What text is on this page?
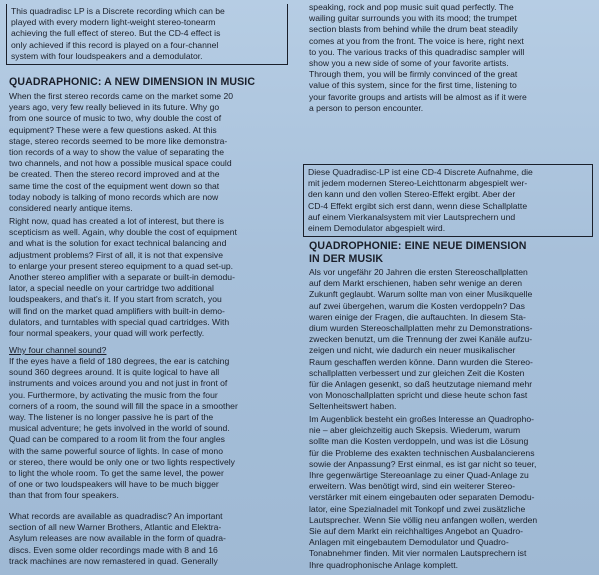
This quadradisc LP is a Discrete recording which can be
played with every modern light-weight stereo-tonearm
achieving the full effect of stereo. But the CD-4 effect is
only achieved if this record is played on a four-channel
system with four loudspeakers and a demodulator.
QUADRAPHONIC: A NEW DIMENSION IN MUSIC

When the first stereo records came on the market some 20
years ago, very few really believed in its future. Why go
from one source of music to two, why double the cost of
equipment? These were a few questions asked. At this
stage, stereo records seemed to be more like demonstra-
tion records of a way to show the value of separating the
two channels, and not how a possible musical space could
be created. Then the stereo record improved and at the
same time the cost of the equipment went down so that
today nobody is talking of mono records which are now
considered nearly antique items.

Right now, quad has created a lot of interest, but there is
scepticism as well. Again, why double the cost of equipment
and what is the solution for exact technical balancing and
adjustment problems? First of all, it is not that expensive
to enlarge your present stereo equipment to a quad set-up.
Another stereo amplifier with a separate or built-in demodu-
lator, a special needle on your cartridge two additional
loudspeakers, and that's it. If you start from scratch, you
will find on the market quad amplifiers with built-in demo-
dulators, and turntables with special quad cartridges. With
four normal speakers, your quad will work perfectly.

Why four channel sound?

If the eyes have a field of 180 degrees, the ear is catching
sound 360 degrees around. It is quite logical to have all
instruments and voices around you and not just in front of
you. Furthermore, by activating the music from the four
corners of a room, the sound will fill the space in a smoother
way. The listener is no longer passive he is part of the
musical adventure; he gets involved in the world of sound.
Quad can be compared to a room lit from the four angles
with the same powerful source of lights. In case of mono
or stereo, there would be only one or two lights respectively
to light the whole room. To get the same level, the power
of one or two loudspeakers will have to be much bigger
than that from four speakers.

What records are available as quadradisc? An important
section of all new Warner Brothers, Atlantic and Elektra-
Asylum releases are now available in the form of quadra-
discs. Even some older recordings made with 8 and 16
track machines are now remastered in quad. Generally

speaking, rock and pop music suit quad perfectly. The
wailing guitar surrounds you with its mood; the trumpet
section blasts from behind while the drum beat steadily
comes at you from the front. The voice is here, right next
to you. The various tracks of this quadradisc sampler will
show you a new side of some of your favorite artists.
Through them, you will be firmly convinced of the great
value of this system, since for the first time, listening to
your favorite groups and artists will be almost as if it were
a person to person encounter.

Diese Quadradisc-LP ist eine CD-4 Discrete Aufnahme, die
mit jedem modernen Stereo-Leichttonarm abgespielt wer-
den kann und den vollen Stereo-Effekt ergibt. Aber der
CD-4 Effekt ergibt sich erst dann, wenn diese Schallplatte
auf einem Vierkanalsystem mit vier Lautsprechern und
einem Demodulator abgespielt wird.
QUADROPHONIE: EINE NEUE DIMENSION
IN DER MUSIK

Als vor ungefähr 20 Jahren die ersten Stereoschallplatten
auf dem Markt erschienen, haben sehr wenige an deren
Zukunft geglaubt. Warum sollte man von einer Musikquelle
auf zwei übergehen, warum die Kosten verdoppeln? Das
waren einige der Fragen, die auftauchten. In diesem Sta-
dium wurden Stereoschallplatten mehr zu Demonstrations-
zwecken benutzt, um die Trennung der zwei Kanäle aufzu-
zeigen und nicht, wie dadurch ein neuer musikalischer
Raum geschaffen werden könne. Dann wurden die Stereo-
schallplatten verbessert und zur gleichen Zeit die Kosten
für die Anlagen gesenkt, so daß heutzutage niemand mehr
von Monoschallplatten spricht und diese heute schon fast
Seltenheitswert haben.

Im Augenblick besteht ein großes Interesse an Quadropho-
nie – aber gleichzeitig auch Skepsis. Wiederum, warum
sollte man die Kosten verdoppeln, und was ist die Lösung
für die Probleme des exakten technischen Ausbalancierens
sowie der Anpassung? Erst einmal, es ist gar nicht so teuer,
Ihre gegenwärtige Stereoanlage zu einer Quad-Anlage zu
erweitern. Was benötigt wird, sind ein weiterer Stereo-
verstärker mit einem eingebauten oder separaten Demodu-
lator, eine Spezialnadel mit Tonkopf und zwei zusätzliche
Lautsprecher. Wenn Sie völlig neu anfangen wollen, werden
Sie auf dem Markt ein reichhaltiges Angebot an Quadro-
Anlagen mit eingebautem Demodulator und Quadro-
Tonabnehmer finden. Mit vier normalen Lautsprechern ist
Ihre quadrophonische Anlage komplett.
